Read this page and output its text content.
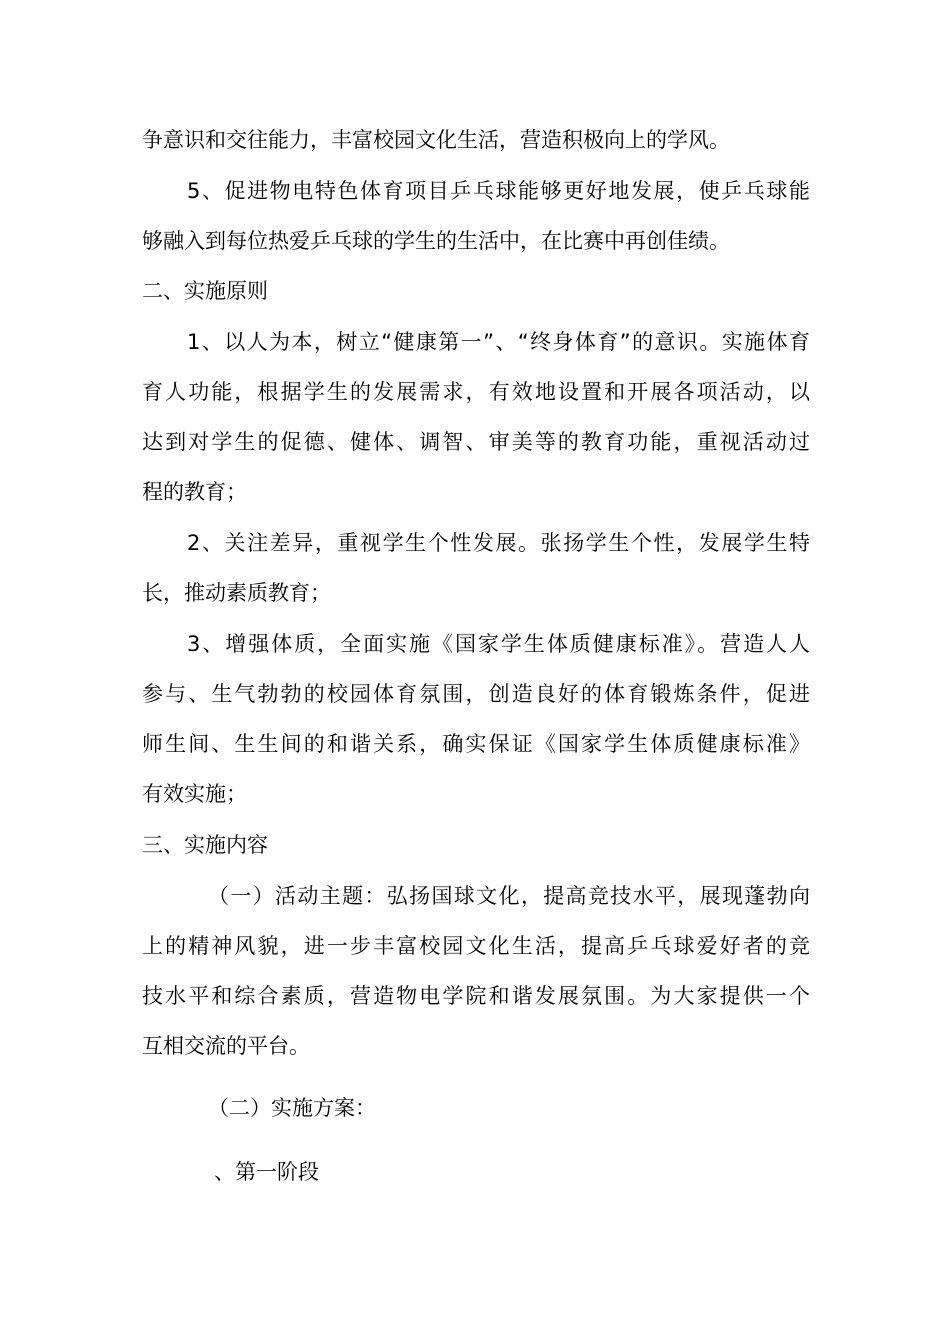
争意识和交往能力，丰富校园文化生活，营造积极向上的学风。
5、促进物电特色体育项目乒乓球能够更好地发展，使乒乓球能
够融入到每位热爱乒乓球的学生的生活中，在比赛中再创佳绩。
二、实施原则
1、以人为本，树立“健康第一”、“终身体育”的意识。实施体育
育人功能，根据学生的发展需求，有效地设置和开展各项活动，以
达到对学生的促德、健体、调智、审美等的教育功能，重视活动过
程的教育；
2、关注差异，重视学生个性发展。张扬学生个性，发展学生特
长，推动素质教育；
3、增强体质，全面实施《国家学生体质健康标准》。营造人人
参与、生气勃勃的校园体育氛围，创造良好的体育锻炼条件，促进
师生间、生生间的和谐关系，确实保证《国家学生体质健康标准》
有效实施；
三、实施内容
（一）活动主题：弘扬国球文化，提高竞技水平，展现蓬勃向
上的精神风貌，进一步丰富校园文化生活，提高乒乓球爱好者的竞
技水平和综合素质，营造物电学院和谐发展氛围。为大家提供一个
互相交流的平台。
（二）实施方案：
、第一阶段
